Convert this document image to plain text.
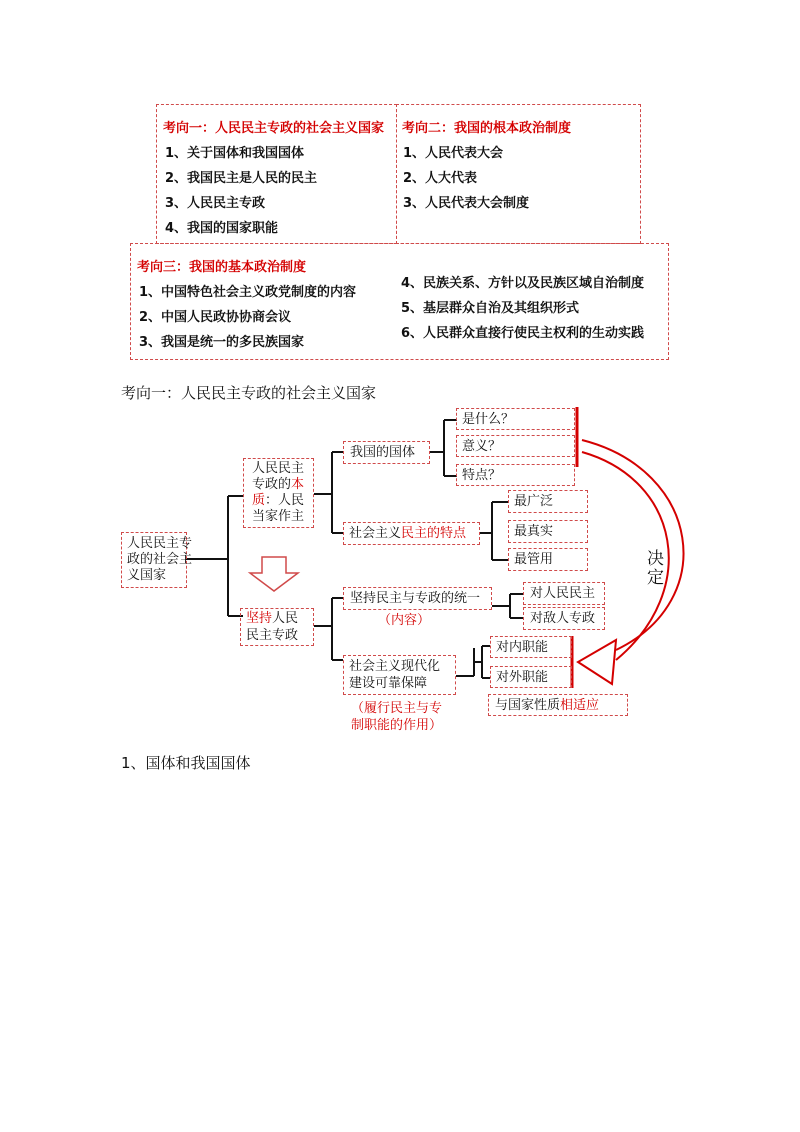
考向一：人民民主专政的社会主义国家
1、关于国体和我国国体
2、我国民主是人民的民主
3、人民民主专政
4、我国的国家职能
考向二：我国的根本政治制度
1、人民代表大会
2、人大代表
3、人民代表大会制度
考向三：我国的基本政治制度
1、中国特色社会主义政党制度的内容
2、中国人民政协协商会议
3、我国是统一的多民族国家
4、民族关系、方针以及民族区域自治制度
5、基层群众自治及其组织形式
6、人民群众直接行使民主权利的生动实践
考向一：人民民主专政的社会主义国家
人民民主专
政的社会主
义国家
人民民主
专政的本
质：人民
当家作主
坚持人民
民主专政
我国的国体
是什么？
意义？
特点？
社会主义民主的特点
最广泛
最真实
最管用
坚持民主与专政的统一
（内容）
对人民民主
对敌人专政
社会主义现代化
建设可靠保障
（履行民主与专
制职能的作用）
对内职能
对外职能
与国家性质相适应
决
定
1、国体和我国国体
